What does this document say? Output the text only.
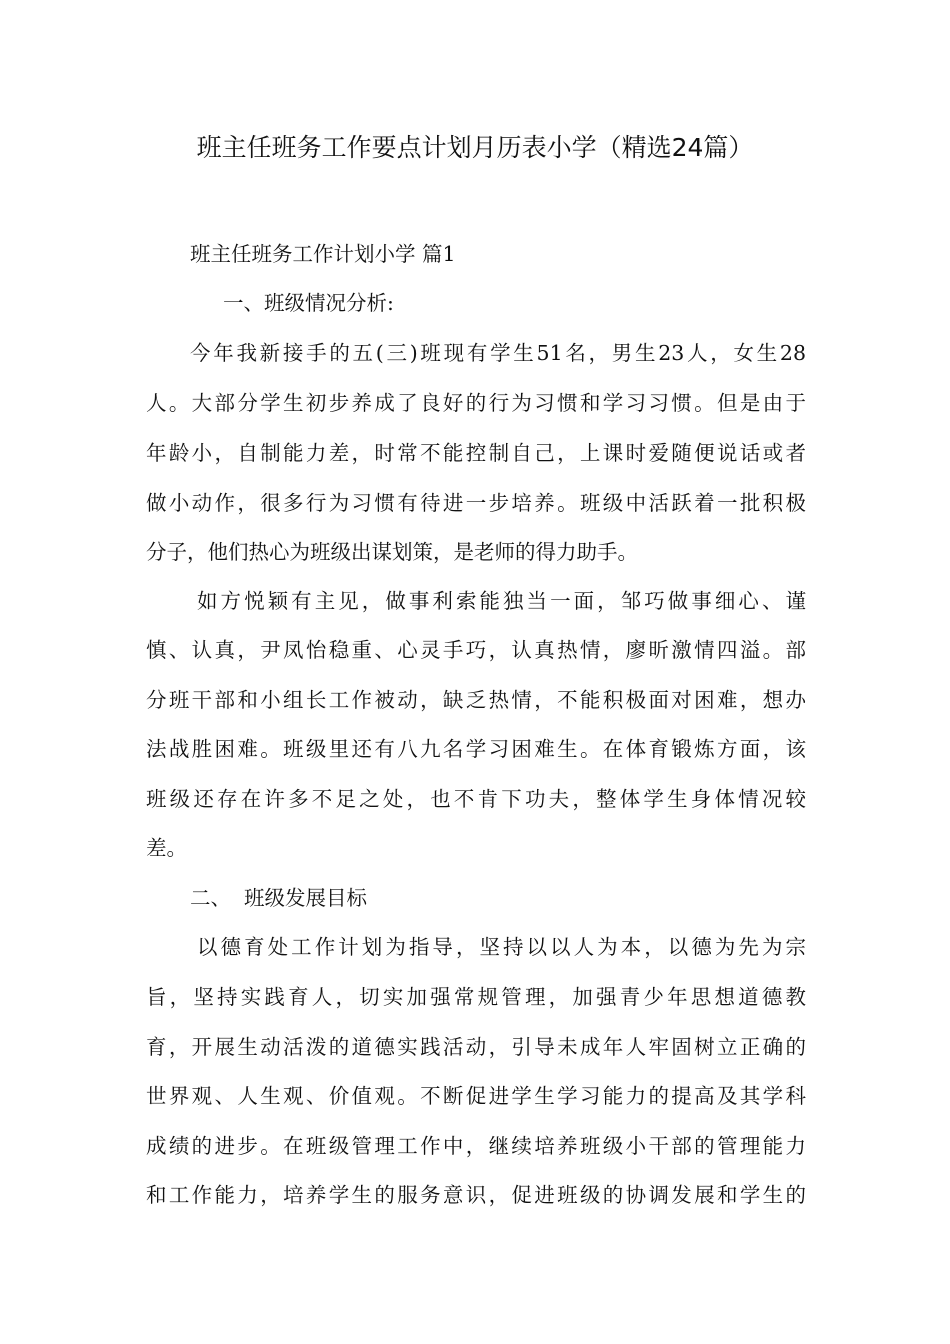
班主任班务工作要点计划月历表小学（精选24篇）
班主任班务工作计划小学 篇1
一、班级情况分析:
今年我新接手的五(三)班现有学生51名，男生23人，女生28
人。大部分学生初步养成了良好的行为习惯和学习习惯。但是由于
年龄小，自制能力差，时常不能控制自己，上课时爱随便说话或者
做小动作，很多行为习惯有待进一步培养。班级中活跃着一批积极
分子，他们热心为班级出谋划策，是老师的得力助手。
如方悦颖有主见，做事利索能独当一面，邹巧做事细心、谨
慎、认真，尹凤怡稳重、心灵手巧，认真热情，廖昕激情四溢。部
分班干部和小组长工作被动，缺乏热情，不能积极面对困难，想办
法战胜困难。班级里还有八九名学习困难生。在体育锻炼方面，该
班级还存在许多不足之处，也不肯下功夫，整体学生身体情况较
差。
二、  班级发展目标
以德育处工作计划为指导，坚持以以人为本，以德为先为宗
旨，坚持实践育人，切实加强常规管理，加强青少年思想道德教
育，开展生动活泼的道德实践活动，引导未成年人牢固树立正确的
世界观、人生观、价值观。不断促进学生学习能力的提高及其学科
成绩的进步。在班级管理工作中，继续培养班级小干部的管理能力
和工作能力，培养学生的服务意识，促进班级的协调发展和学生的
